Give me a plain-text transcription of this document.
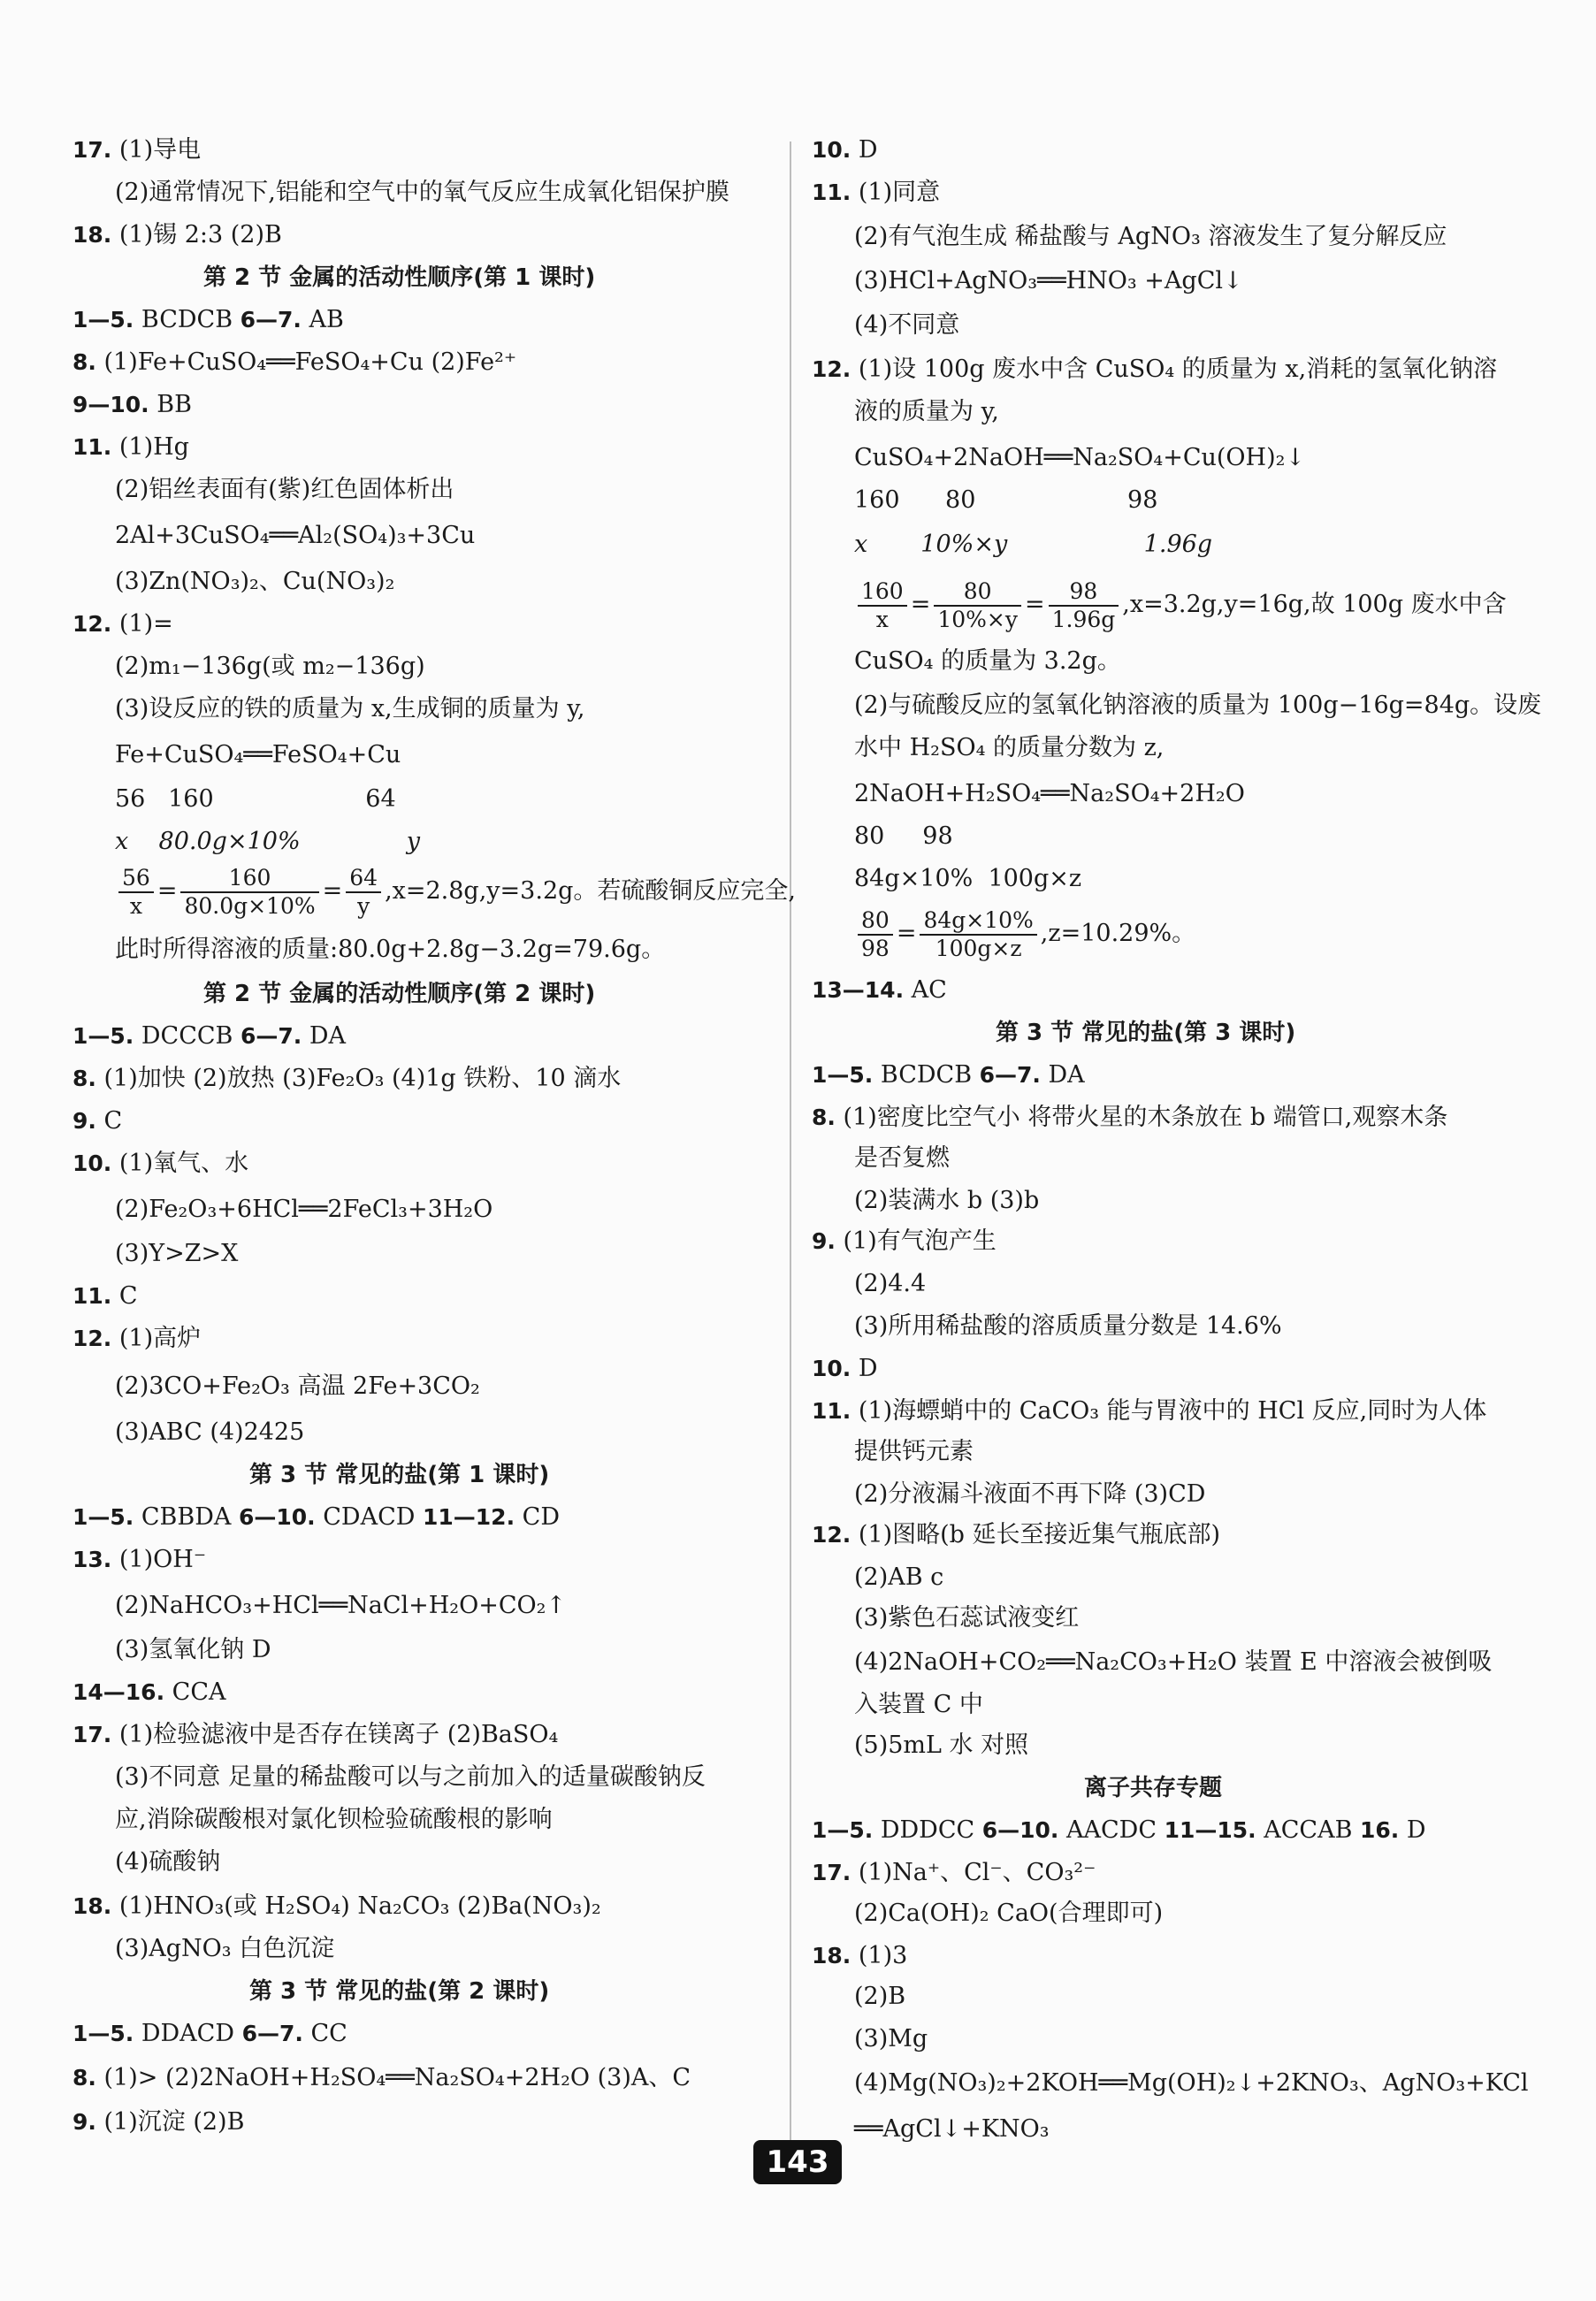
17. (1)导电
(2)通常情况下,铝能和空气中的氧气反应生成氧化铝保护膜
18. (1)锡 2:3 (2)B
第 2 节 金属的活动性顺序(第 1 课时)
1—5. BCDCB 6—7. AB
8. (1)Fe+CuSO₄══FeSO₄+Cu (2)Fe²⁺
9—10. BB
11. (1)Hg
(2)铝丝表面有(紫)红色固体析出
2Al+3CuSO₄══Al₂(SO₄)₃+3Cu
(3)Zn(NO₃)₂、Cu(NO₃)₂
12. (1)=
(2)m₁−136g(或 m₂−136g)
(3)设反应的铁的质量为 x,生成铜的质量为 y,
Fe+CuSO₄══FeSO₄+Cu
56   160                    64
x    80.0g×10%              y
$\frac{56}{x} = \frac{160}{80.0g\times 10\%} = \frac{64}{y} ,x=2.8g,y=3.2g$。若硫酸铜反应完全,
此时所得溶液的质量:80.0g+2.8g−3.2g=79.6g。
第 2 节 金属的活动性顺序(第 2 课时)
1—5. DCCCB 6—7. DA
8. (1)加快 (2)放热 (3)Fe₂O₃ (4)1g 铁粉、10 滴水
9. C
10. (1)氧气、水
(2)Fe₂O₃+6HCl══2FeCl₃+3H₂O
(3)Y>Z>X
11. C
12. (1)高炉
(2)3CO+Fe₂O₃ 高温 2Fe+3CO₂
(3)ABC (4)2425
第 3 节 常见的盐(第 1 课时)
1—5. CBBDA 6—10. CDACD 11—12. CD
13. (1)OH⁻
(2)NaHCO₃+HCl══NaCl+H₂O+CO₂↑
(3)氢氧化钠 D
14—16. CCA
17. (1)检验滤液中是否存在镁离子 (2)BaSO₄
(3)不同意 足量的稀盐酸可以与之前加入的适量碳酸钠反
应,消除碳酸根对氯化钡检验硫酸根的影响
(4)硫酸钠
18. (1)HNO₃(或 H₂SO₄) Na₂CO₃ (2)Ba(NO₃)₂
(3)AgNO₃ 白色沉淀
第 3 节 常见的盐(第 2 课时)
1—5. DDACD 6—7. CC
8. (1)> (2)2NaOH+H₂SO₄══Na₂SO₄+2H₂O (3)A、C
9. (1)沉淀 (2)B
10. D
11. (1)同意
(2)有气泡生成 稀盐酸与 AgNO₃ 溶液发生了复分解反应
(3)HCl+AgNO₃══HNO₃ +AgCl↓
(4)不同意
12. (1)设 100g 废水中含 CuSO₄ 的质量为 x,消耗的氢氧化钠溶
液的质量为 y,
CuSO₄+2NaOH══Na₂SO₄+Cu(OH)₂↓
160      80                    98
x       10%×y                  1.96g
$\frac{160}{x} = \frac{80}{10\%\times y} = \frac{98}{1.96g} ,x=3.2g,y=16g$,故 100g 废水中含
CuSO₄ 的质量为 3.2g。
(2)与硫酸反应的氢氧化钠溶液的质量为 100g−16g=84g。设废
水中 H₂SO₄ 的质量分数为 z,
2NaOH+H₂SO₄══Na₂SO₄+2H₂O
80     98
84g×10%  100g×z
$\frac{80}{98} = \frac{84g\times 10\%}{100g\times z} ,z=10.29\%$。
13—14. AC
第 3 节 常见的盐(第 3 课时)
1—5. BCDCB 6—7. DA
8. (1)密度比空气小 将带火星的木条放在 b 端管口,观察木条
是否复燃
(2)装满水 b (3)b
9. (1)有气泡产生
(2)4.4
(3)所用稀盐酸的溶质质量分数是 14.6%
10. D
11. (1)海螵蛸中的 CaCO₃ 能与胃液中的 HCl 反应,同时为人体
提供钙元素
(2)分液漏斗液面不再下降 (3)CD
12. (1)图略(b 延长至接近集气瓶底部)
(2)AB c
(3)紫色石蕊试液变红
(4)2NaOH+CO₂══Na₂CO₃+H₂O 装置 E 中溶液会被倒吸
入装置 C 中
(5)5mL 水 对照
离子共存专题
1—5. DDDCC 6—10. AACDC 11—15. ACCAB 16. D
17. (1)Na⁺、Cl⁻、CO₃²⁻
(2)Ca(OH)₂ CaO(合理即可)
18. (1)3
(2)B
(3)Mg
(4)Mg(NO₃)₂+2KOH══Mg(OH)₂↓+2KNO₃、AgNO₃+KCl
══AgCl↓+KNO₃
143
